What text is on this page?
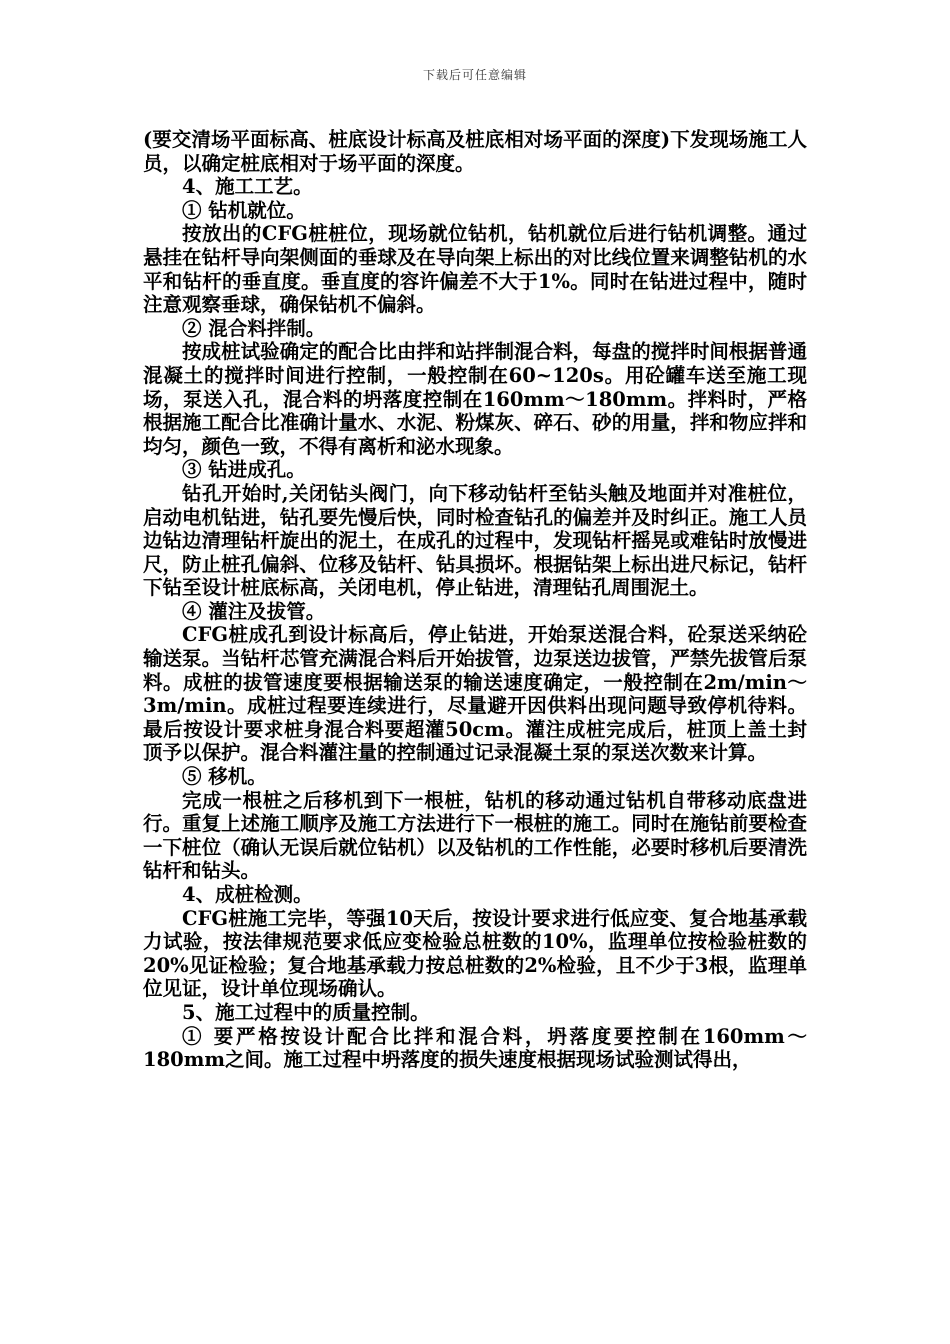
下载后可任意编辑

(要交清场平面标高、桩底设计标高及桩底相对场平面的深度)下发现场施工人员，以确定桩底相对于场平面的深度。

4、施工工艺。

① 钻机就位。

按放出的CFG桩桩位，现场就位钻机，钻机就位后进行钻机调整。通过悬挂在钻杆导向架侧面的垂球及在导向架上标出的对比线位置来调整钻机的水平和钻杆的垂直度。垂直度的容许偏差不大于1%。同时在钻进过程中，随时注意观察垂球，确保钻机不偏斜。

② 混合料拌制。

按成桩试验确定的配合比由拌和站拌制混合料，每盘的搅拌时间根据普通混凝土的搅拌时间进行控制，一般控制在60~120s。用砼罐车送至施工现场，泵送入孔，混合料的坍落度控制在160mm～180mm。拌料时，严格根据施工配合比准确计量水、水泥、粉煤灰、碎石、砂的用量，拌和物应拌和均匀，颜色一致，不得有离析和泌水现象。

③ 钻进成孔。

钻孔开始时,关闭钻头阀门，向下移动钻杆至钻头触及地面并对准桩位，启动电机钻进，钻孔要先慢后快，同时检查钻孔的偏差并及时纠正。施工人员边钻边清理钻杆旋出的泥土，在成孔的过程中，发现钻杆摇晃或难钻时放慢进尺，防止桩孔偏斜、位移及钻杆、钻具损坏。根据钻架上标出进尺标记，钻杆下钻至设计桩底标高，关闭电机，停止钻进，清理钻孔周围泥土。

④ 灌注及拔管。

CFG桩成孔到设计标高后，停止钻进，开始泵送混合料，砼泵送采纳砼输送泵。当钻杆芯管充满混合料后开始拔管，边泵送边拔管，严禁先拔管后泵料。成桩的拔管速度要根据输送泵的输送速度确定，一般控制在2m/min～3m/min。成桩过程要连续进行，尽量避开因供料出现问题导致停机待料。最后按设计要求桩身混合料要超灌50cm。灌注成桩完成后，桩顶上盖土封顶予以保护。混合料灌注量的控制通过记录混凝土泵的泵送次数来计算。

⑤ 移机。

完成一根桩之后移机到下一根桩，钻机的移动通过钻机自带移动底盘进行。重复上述施工顺序及施工方法进行下一根桩的施工。同时在施钻前要检查一下桩位（确认无误后就位钻机）以及钻机的工作性能，必要时移机后要清洗钻杆和钻头。

4、成桩检测。

CFG桩施工完毕，等强10天后，按设计要求进行低应变、复合地基承载力试验，按法律规范要求低应变检验总桩数的10%，监理单位按检验桩数的20%见证检验；复合地基承载力按总桩数的2%检验，且不少于3根，监理单位见证，设计单位现场确认。

5、施工过程中的质量控制。

① 要严格按设计配合比拌和混合料，坍落度要控制在160mm～180mm之间。施工过程中坍落度的损失速度根据现场试验测试得出，
